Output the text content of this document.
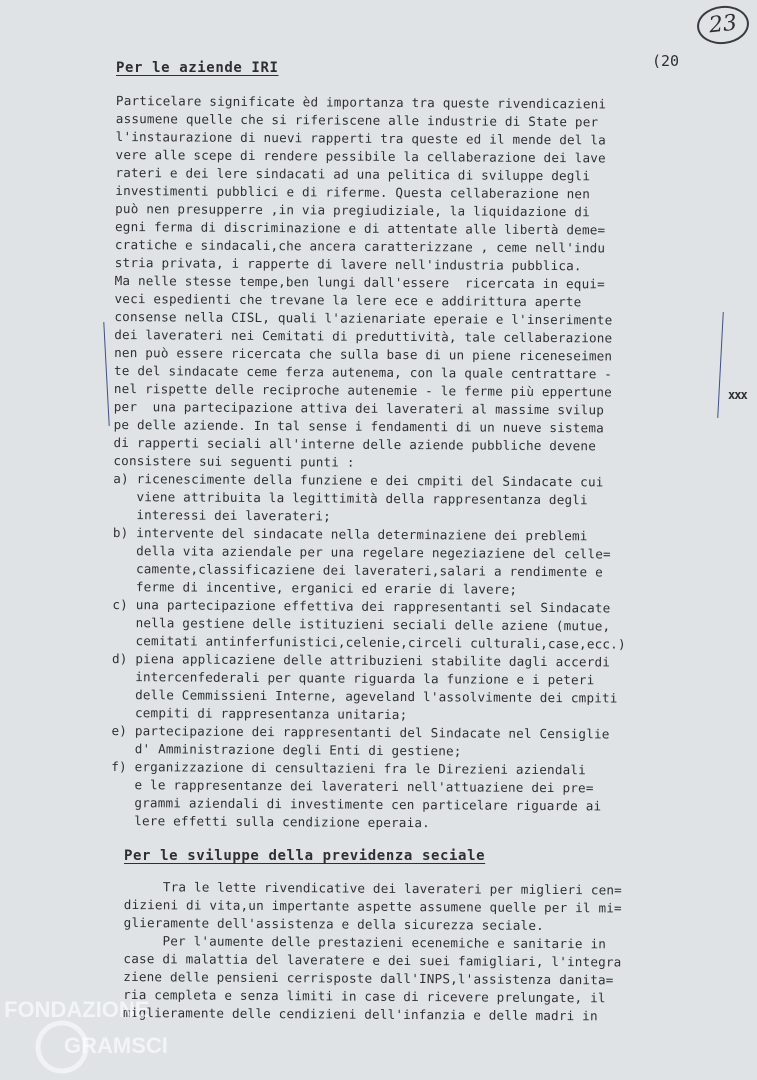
23
(20
Per le aziende IRI
Particelare significate èd importanza tra queste rivendicazieni
assumene quelle che si riferiscene alle industrie di State per
l'instaurazione di nuevi rapperti tra queste ed il mende del la
vere alle scepe di rendere pessibile la cellaberazione dei lave
rateri e dei lere sindacati ad una pelitica di sviluppe degli
investimenti pubblici e di riferme. Questa cellaberazione nen
può nen presupperre ,in via pregiudiziale, la liquidazione di
egni ferma di discriminazione e di attentate alle libertà deme=
cratiche e sindacali,che ancera caratterizzane , ceme nell'indu
stria privata, i rapperte di lavere nell'industria pubblica.
Ma nelle stesse tempe,ben lungi dall'essere  ricercata in equi=
veci espedienti che trevane la lere ece e addirittura aperte
consense nella CISL, quali l'azienariate eperaie e l'inserimente
dei laverateri nei Cemitati di preduttività, tale cellaberazione
nen può essere ricercata che sulla base di un piene riceneseimen
te del sindacate ceme ferza autenema, con la quale centrattare -
nel rispette delle reciproche autenemie - le ferme più eppertune
per  una partecipazione attiva dei laverateri al massime svilup
pe delle aziende. In tal sense i fendamenti di un nueve sistema
di rapperti seciali all'interne delle aziende pubbliche devene
consistere sui seguenti punti :
a) ricenescimente della funziene e dei cmpiti del Sindacate cui
viene attribuita la legittimità della rappresentanza degli
interessi dei laverateri;
b) intervente del sindacate nella determinaziene dei preblemi
della vita aziendale per una regelare negeziaziene del celle=
camente,classificaziene dei laverateri,salari a rendimente e
ferme di incentive, erganici ed erarie di lavere;
c) una partecipazione effettiva dei rappresentanti sel Sindacate
nella gestiene delle istituzieni seciali delle aziene (mutue,
cemitati antinferfunistici,celenie,circeli culturali,case,ecc.)
d) piena applicaziene delle attribuzieni stabilite dagli accerdi
intercenfederali per quante riguarda la funzione e i peteri
delle Cemmissieni Interne, ageveland l'assolvimente dei cmpiti
cempiti di rappresentanza unitaria;
e) partecipazione dei rappresentanti del Sindacate nel Censiglie
d' Amministrazione degli Enti di gestiene;
f) erganizzazione di censultazieni fra le Direzieni aziendali
e le rappresentanze dei laverateri nell'attuaziene dei pre=
grammi aziendali di investimente cen particelare riguarde ai
lere effetti sulla cendizione eperaia.
xxx
Per le sviluppe della previdenza seciale
Tra le lette rivendicative dei laverateri per miglieri cen=
dizieni di vita,un impertante aspette assumene quelle per il mi=
glieramente dell'assistenza e della sicurezza seciale.
Per l'aumente delle prestazieni ecenemiche e sanitarie in
case di malattia del laveratere e dei suei famigliari, l'integra
ziene delle pensieni cerrisposte dall'INPS,l'assistenza danita=
ria cempleta e senza limiti in case di ricevere prelungate, il
miglieramente delle cendizieni dell'infanzia e delle madri in
FONDAZIONE
GRAMSCI
